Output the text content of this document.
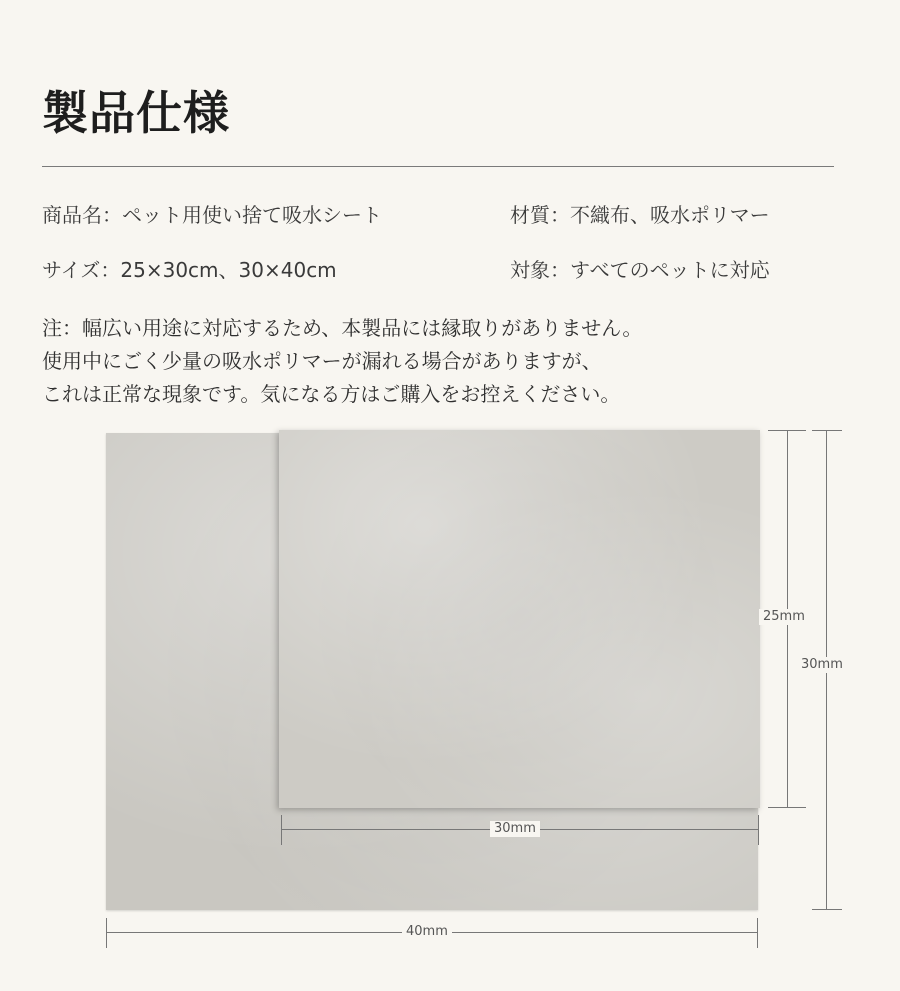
製品仕様
商品名：ペット用使い捨て吸水シート	材質：不織布、吸水ポリマー
サイズ：25×30cm、30×40cm	対象：すべてのペットに対応
注：幅広い用途に対応するため、本製品には縁取りがありません。
使用中にごく少量の吸水ポリマーが漏れる場合がありますが、
これは正常な現象です。気になる方はご購入をお控えください。
25mm
30mm
30mm
40mm
